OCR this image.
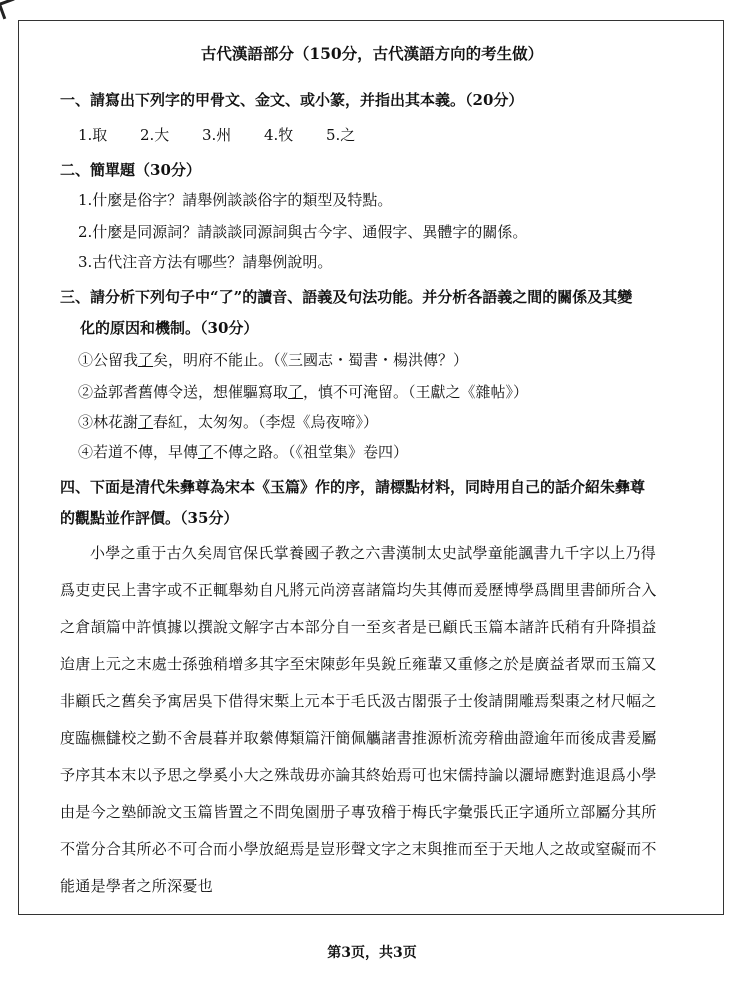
古代漢語部分（150分，古代漢語方向的考生做）
一、請寫出下列字的甲骨文、金文、或小篆，并指出其本義。（20分）
1.取 2.大 3.州 4.牧 5.之
二、簡單題（30分）
1.什麼是俗字？請舉例談談俗字的類型及特點。
2.什麼是同源詞？請談談同源詞與古今字、通假字、異體字的關係。
3.古代注音方法有哪些？請舉例說明。
三、請分析下列句子中“了”的讀音、語義及句法功能。并分析各語義之間的關係及其變
化的原因和機制。（30分）
①公留我了矣，明府不能止。（《三國志・蜀書・楊洪傳？）
②益郭耆舊傳令送，想催驅寫取了，慎不可淹留。（王獻之《雜帖》）
③林花謝了春紅，太匆匆。（李煜《烏夜啼》）
④若道不傳，早傳了不傳之路。（《祖堂集》卷四）
四、下面是清代朱彝尊為宋本《玉篇》作的序，請標點材料，同時用自己的話介紹朱彝尊
的觀點並作評價。（35分）
小學之重于古久矣周官保氏掌養國子教之六書漢制太史試學童能諷書九千字以上乃得
爲吏吏民上書字或不正輒舉劾自凡將元尚滂喜諸篇均失其傳而爰歷博學爲閭里書師所合入
之倉頡篇中許慎據以撰說文解字古本部分自一至亥者是已顧氏玉篇本諸許氏稍有升降損益
迨唐上元之末處士孫強稍增多其字至宋陳彭年吳銳丘雍輩又重修之於是廣益者眾而玉篇又
非顧氏之舊矣予寓居吳下借得宋槧上元本于毛氏汲古閣張子士俊請開雕焉梨棗之材尺幅之
度臨橅讎校之勤不舍晨暮并取縈傳類篇汗簡佩觿諸書推源析流旁稽曲證逾年而後成書爰屬
予序其本末以予思之學奚小大之殊哉毋亦論其終始焉可也宋儒持論以灑埽應對進退爲小學
由是今之塾師說文玉篇皆置之不問兔園册子專攷稽于梅氏字彙張氏正字通所立部屬分其所
不當分合其所必不可合而小學放絕焉是豈形聲文字之末與推而至于天地人之故或窒礙而不
能通是學者之所深憂也
第3页，共3页
